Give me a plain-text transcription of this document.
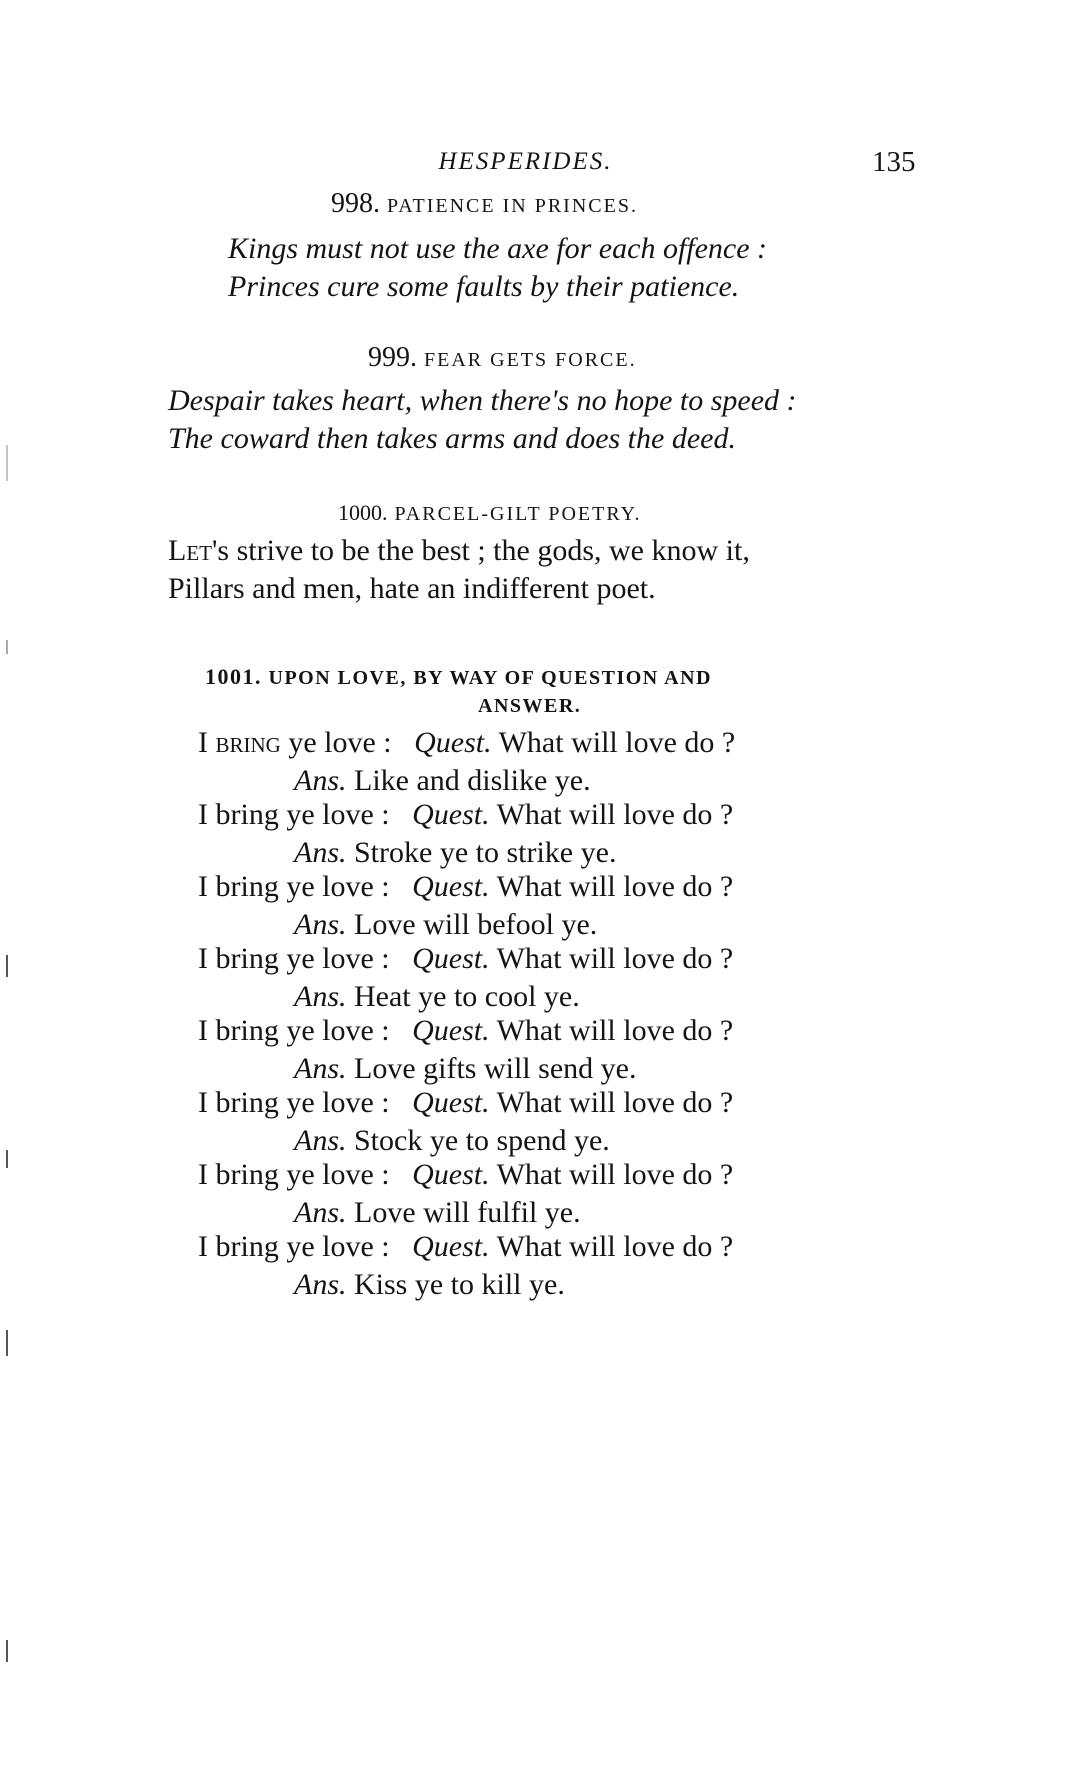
HESPERIDES.	135
998. PATIENCE IN PRINCES.
Kings must not use the axe for each offence :
Princes cure some faults by their patience.
999. FEAR GETS FORCE.
Despair takes heart, when there's no hope to speed :
The coward then takes arms and does the deed.
1000. PARCEL-GILT POETRY.
Let's strive to be the best ; the gods, we know it,
Pillars and men, hate an indifferent poet.
1001. UPON LOVE, BY WAY OF QUESTION AND
ANSWER.
I bring ye love : Quest. What will love do ?
Ans. Like and dislike ye.
I bring ye love : Quest. What will love do ?
Ans. Stroke ye to strike ye.
I bring ye love : Quest. What will love do ?
Ans. Love will befool ye.
I bring ye love : Quest. What will love do ?
Ans. Heat ye to cool ye.
I bring ye love : Quest. What will love do ?
Ans. Love gifts will send ye.
I bring ye love : Quest. What will love do ?
Ans. Stock ye to spend ye.
I bring ye love : Quest. What will love do ?
Ans. Love will fulfil ye.
I bring ye love : Quest. What will love do ?
Ans. Kiss ye to kill ye.
